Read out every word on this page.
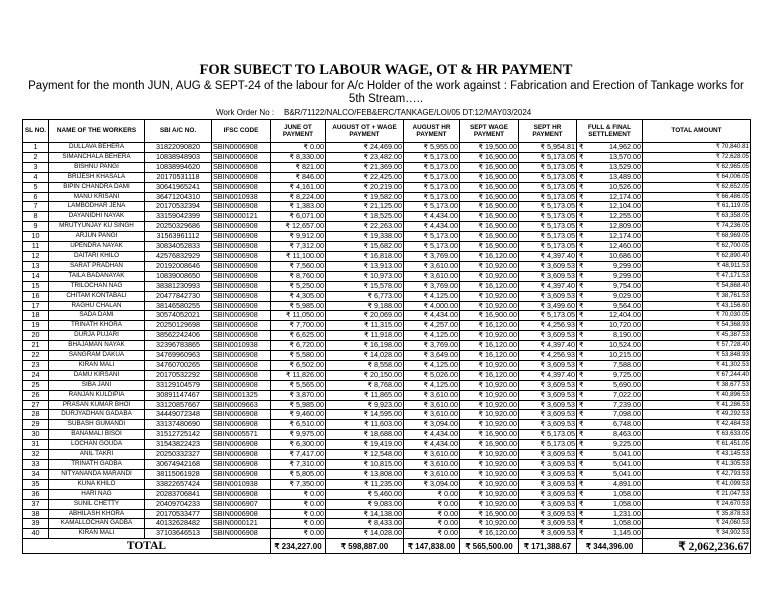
FOR SUBECT TO LABOUR WAGE, OT & HR PAYMENT
Payment for the month JUN, AUG & SEPT-24 of the labour for A/c Holder of the work against : Fabrication and Erection of Tankage works for 5th Stream…..
Work Order No : B&R/71122/NALCO/FEB&ERC/TANKAGE/LOI/05 DT:12/MAY03/2024
SL NO.	NAME OF THE WORKERS	SBI A/C NO.	IFSC CODE	JUNE OT PAYMENT	AUGUST OT + WAGE PAYMENT	AUGUST HR PAYMENT	SEPT WAGE PAYMENT	SEPT HR PAYMENT	FULL & FINAL SETTLEMENT	TOTAL AMOUNT
1	DULLAVA BEHERA	31822090820	SBIN0006908	₹ 0.00	₹ 24,469.00	₹ 5,955.00	₹ 19,500.00	₹ 5,954.81	₹ 14,962.00	₹ 70,840.81
2	SIMANCHALA BEHERA	10838948903	SBIN0006908	₹ 8,330.00	₹ 23,482.00	₹ 5,173.00	₹ 16,900.00	₹ 5,173.05	₹ 13,570.00	₹ 72,628.05
3	BISHNU PANGI	10838994620	SBIN0006908	₹ 821.00	₹ 21,369.00	₹ 5,173.00	₹ 16,900.00	₹ 5,173.05	₹ 13,529.00	₹ 62,965.05
4	BRIJESH KHASALA	20170531118	SBIN0006908	₹ 846.00	₹ 22,425.00	₹ 5,173.00	₹ 16,900.00	₹ 5,173.05	₹ 13,489.00	₹ 64,006.05
5	BIPIN CHANDRA DAMI	30641965241	SBIN0006908	₹ 4,161.00	₹ 20,219.00	₹ 5,173.00	₹ 16,900.00	₹ 5,173.05	₹ 10,526.00	₹ 62,652.05
6	MANU KRISANI	36471204310	SBIN0010938	₹ 8,224.00	₹ 19,582.00	₹ 5,173.00	₹ 16,900.00	₹ 5,173.05	₹ 12,174.00	₹ 66,486.05
7	LAMBODHAR JENA	20170532394	SBIN0006908	₹ 1,383.00	₹ 21,125.00	₹ 5,173.00	₹ 16,900.00	₹ 5,173.05	₹ 12,104.00	₹ 61,119.05
8	DAYANIDHI NAYAK	33159042399	SBIN0000121	₹ 6,071.00	₹ 18,525.00	₹ 4,434.00	₹ 16,900.00	₹ 5,173.05	₹ 12,255.00	₹ 63,358.05
9	MRUTYUNJAY KU SINGH	20250329686	SBIN0006908	₹ 12,657.00	₹ 22,263.00	₹ 4,434.00	₹ 16,900.00	₹ 5,173.05	₹ 12,809.00	₹ 74,236.05
10	ARJUN PANGI	31563961112	SBIN0006908	₹ 9,912.00	₹ 19,338.00	₹ 5,173.00	₹ 16,900.00	₹ 5,173.05	₹ 12,174.00	₹ 68,969.05
11	UPENDRA NAYAK	30834052833	SBIN0006908	₹ 7,312.00	₹ 15,682.00	₹ 5,173.00	₹ 16,900.00	₹ 5,173.05	₹ 12,460.00	₹ 62,700.05
12	DAITARI KHILO	42576832929	SBIN0006908	₹ 11,100.00	₹ 16,818.00	₹ 3,769.00	₹ 16,120.00	₹ 4,397.40	₹ 10,686.00	₹ 62,890.40
13	SARAT PRADHAN	20192008646	SBIN0006908	₹ 7,560.00	₹ 13,913.00	₹ 3,610.00	₹ 10,920.00	₹ 3,609.53	₹ 9,299.00	₹ 48,911.53
14	TAILA BADANAYAK	10839008650	SBIN0006908	₹ 8,760.00	₹ 10,973.00	₹ 3,610.00	₹ 10,920.00	₹ 3,609.53	₹ 9,299.00	₹ 47,171.53
15	TRILOCHAN NAG	38381230993	SBIN0006908	₹ 5,250.00	₹ 15,578.00	₹ 3,769.00	₹ 16,120.00	₹ 4,397.40	₹ 9,754.00	₹ 54,868.40
16	CHITAM KONTABALI	20477842730	SBIN0006908	₹ 4,305.00	₹ 6,773.00	₹ 4,125.00	₹ 10,920.00	₹ 3,609.53	₹ 9,029.00	₹ 38,761.53
17	RAGHU CHALAN	38146580255	SBIN0006908	₹ 5,985.00	₹ 9,188.00	₹ 4,000.00	₹ 10,920.00	₹ 3,499.60	₹ 9,564.00	₹ 43,156.60
18	SADA DAMI	30574052021	SBIN0006908	₹ 11,050.00	₹ 20,069.00	₹ 4,434.00	₹ 16,900.00	₹ 5,173.05	₹ 12,404.00	₹ 70,030.05
19	TRINATH KHORA	20250129698	SBIN0006908	₹ 7,700.00	₹ 11,315.00	₹ 4,257.00	₹ 16,120.00	₹ 4,256.93	₹ 10,720.00	₹ 54,368.93
20	DURJA PUJARI	38562242406	SBIN0006908	₹ 6,625.00	₹ 11,918.00	₹ 4,125.00	₹ 10,920.00	₹ 3,609.53	₹ 8,190.00	₹ 45,387.53
21	BHAJAMAN NAYAK	32396783865	SBIN0010938	₹ 6,720.00	₹ 16,198.00	₹ 3,769.00	₹ 16,120.00	₹ 4,397.40	₹ 10,524.00	₹ 57,728.40
22	SANGRAM DAKUA	34769960963	SBIN0006908	₹ 5,580.00	₹ 14,028.00	₹ 3,649.00	₹ 16,120.00	₹ 4,256.93	₹ 10,215.00	₹ 53,848.93
23	KIRAN MALI	34760700265	SBIN0006908	₹ 6,502.00	₹ 8,558.00	₹ 4,125.00	₹ 10,920.00	₹ 3,609.53	₹ 7,588.00	₹ 41,302.53
24	DAMU KIRSANI	20170532292	SBIN0006908	₹ 11,826.00	₹ 20,150.00	₹ 5,026.00	₹ 16,120.00	₹ 4,397.40	₹ 9,725.00	₹ 67,244.40
25	SIBA JANI	33129104579	SBIN0006908	₹ 5,565.00	₹ 8,768.00	₹ 4,125.00	₹ 10,920.00	₹ 3,609.53	₹ 5,690.00	₹ 38,677.53
26	RANJAN KULDIPIA	30891147467	SBIN0001325	₹ 3,870.00	₹ 11,865.00	₹ 3,610.00	₹ 10,920.00	₹ 3,609.53	₹ 7,022.00	₹ 40,896.53
27	PRASAN KUMAR BHOI	33120857667	SBIN0009663	₹ 5,985.00	₹ 9,923.00	₹ 3,610.00	₹ 10,920.00	₹ 3,609.53	₹ 7,239.00	₹ 41,286.53
28	DURJYADHAN GADABA	34449072348	SBIN0006908	₹ 9,460.00	₹ 14,595.00	₹ 3,610.00	₹ 10,920.00	₹ 3,609.53	₹ 7,098.00	₹ 49,292.53
29	SUBASH GUMANDI	33137480690	SBIN0006908	₹ 6,510.00	₹ 11,603.00	₹ 3,094.00	₹ 10,920.00	₹ 3,609.53	₹ 6,748.00	₹ 42,484.53
30	BANAMALI BISOI	31512725142	SBIN0005571	₹ 9,975.00	₹ 18,688.00	₹ 4,434.00	₹ 16,900.00	₹ 5,173.05	₹ 8,463.00	₹ 63,633.05
31	LOCHAN GOUDA	31543822423	SBIN0006908	₹ 6,300.00	₹ 19,419.00	₹ 4,434.00	₹ 16,900.00	₹ 5,173.05	₹ 9,225.00	₹ 61,451.05
32	ANIL TAKRI	20250332327	SBIN0006908	₹ 7,417.00	₹ 12,548.00	₹ 3,610.00	₹ 10,920.00	₹ 3,609.53	₹ 5,041.00	₹ 43,145.53
33	TRINATH GADBA	30674942168	SBIN0006908	₹ 7,310.00	₹ 10,815.00	₹ 3,610.00	₹ 10,920.00	₹ 3,609.53	₹ 5,041.00	₹ 41,305.53
34	NITYANANDA MARANDI	38115061928	SBIN0006908	₹ 5,805.00	₹ 13,808.00	₹ 3,610.00	₹ 10,920.00	₹ 3,609.53	₹ 5,041.00	₹ 42,793.53
35	KUNA KHILO	33822657424	SBIN0010938	₹ 7,350.00	₹ 11,235.00	₹ 3,094.00	₹ 10,920.00	₹ 3,609.53	₹ 4,891.00	₹ 41,099.53
36	HARI NAG	20283706841	SBIN0006908	₹ 0.00	₹ 5,460.00	₹ 0.00	₹ 10,920.00	₹ 3,609.53	₹ 1,058.00	₹ 21,047.53
37	SUNIL CHETTY	20409704233	SBIN0006907	₹ 0.00	₹ 9,083.00	₹ 0.00	₹ 10,920.00	₹ 3,609.53	₹ 1,058.00	₹ 24,670.53
38	ABHILASH KHORA	20170533477	SBIN0006908	₹ 0.00	₹ 14,138.00	₹ 0.00	₹ 16,900.00	₹ 3,609.53	₹ 1,231.00	₹ 35,878.53
39	KAMALLOCHAN GADBA	40132628482	SBIN0000121	₹ 0.00	₹ 8,433.00	₹ 0.00	₹ 10,920.00	₹ 3,609.53	₹ 1,058.00	₹ 24,060.53
40	KIRAN MALI	37103646513	SBIN0006908	₹ 0.00	₹ 14,028.00	₹ 0.00	₹ 16,120.00	₹ 3,609.53	₹ 1,145.00	₹ 34,902.53
TOTAL				₹ 234,227.00	₹ 598,887.00	₹ 147,838.00	₹ 565,500.00	₹ 171,388.67	₹ 344,396.00	₹ 2,062,236.67
